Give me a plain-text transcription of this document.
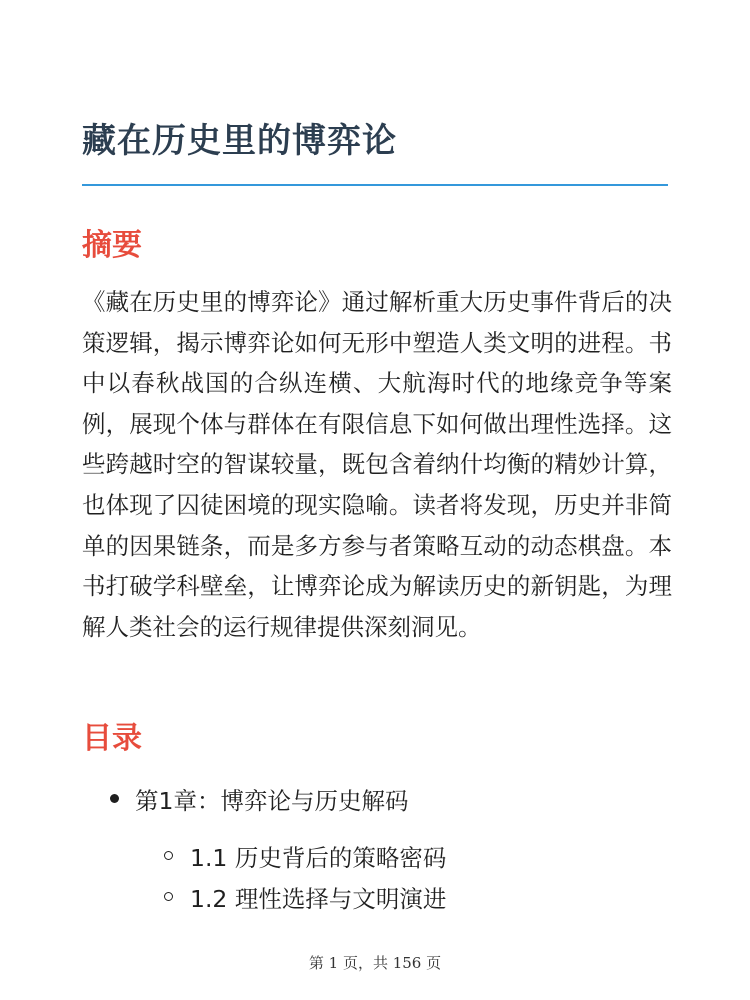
藏在历史里的博弈论
摘要

《藏在历史里的博弈论》通过解析重大历史事件背后的决策逻辑，揭示博弈论如何无形中塑造人类文明的进程。书中以春秋战国的合纵连横、大航海时代的地缘竞争等案例，展现个体与群体在有限信息下如何做出理性选择。这些跨越时空的智谋较量，既包含着纳什均衡的精妙计算，也体现了囚徒困境的现实隐喻。读者将发现，历史并非简单的因果链条，而是多方参与者策略互动的动态棋盘。本书打破学科壁垒，让博弈论成为解读历史的新钥匙，为理解人类社会的运行规律提供深刻洞见。

目录
第1章：博弈论与历史解码
1.1 历史背后的策略密码
1.2 理性选择与文明演进
第 1 页，共 156 页
